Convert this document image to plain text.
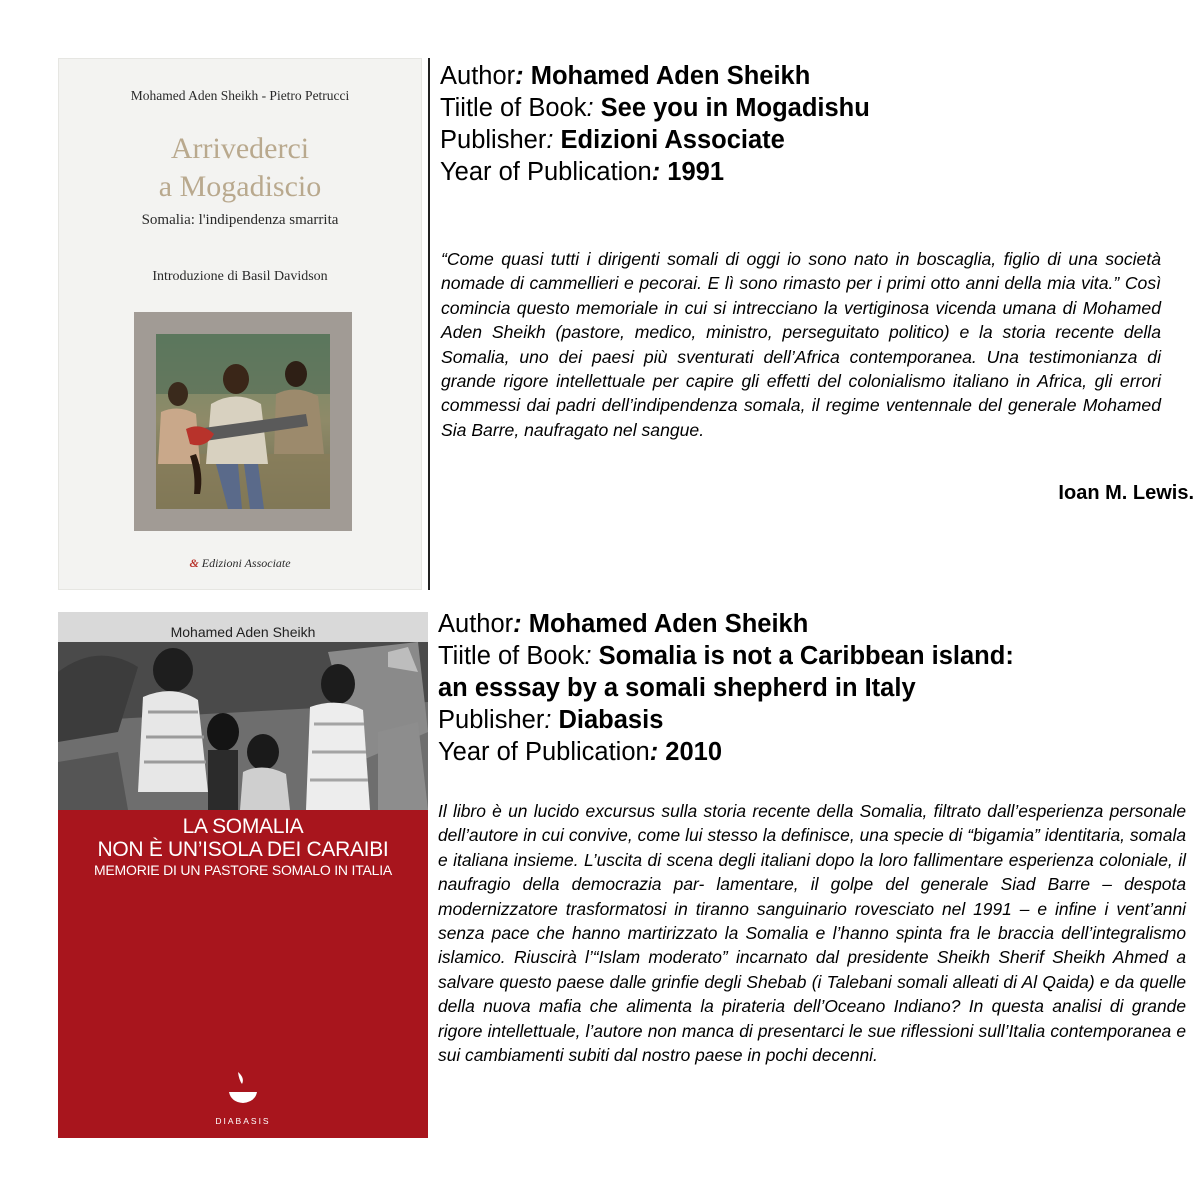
Mohamed Aden Sheikh - Pietro Petrucci
Arrivederci
a Mogadiscio
Somalia: l'indipendenza smarrita
Introduzione di Basil Davidson
& Edizioni Associate
Author: Mohamed Aden Sheikh
Tiitle of Book: See you in Mogadishu
Publisher: Edizioni Associate
Year of Publication: 1991
“Come quasi tutti i dirigenti somali di oggi io sono nato in boscaglia, figlio di una società nomade di cammellieri e pecorai. E lì sono rimasto per i primi otto anni della mia vita.” Così comincia questo memoriale in cui si intrecciano la vertiginosa vicenda umana di Mohamed Aden Sheikh (pastore, medico, ministro, perseguitato politico) e la storia recente della Somalia, uno dei paesi più sventurati dell’Africa contemporanea. Una testimonianza di grande rigore intellettuale per capire gli effetti del colonialismo italiano in Africa, gli errori commessi dai padri dell’indipendenza somala, il regime ventennale del generale Mohamed Sia Barre, naufragato nel sangue.
Ioan M. Lewis.
Mohamed Aden Sheikh
LA SOMALIA
NON È UN’ISOLA DEI CARAIBI
MEMORIE DI UN PASTORE SOMALO IN ITALIA
DIABASIS
Author: Mohamed Aden Sheikh
Tiitle of Book: Somalia is not a Caribbean island:
an esssay by a somali shepherd in Italy
Publisher: Diabasis
Year of Publication: 2010
Il libro è un lucido excursus sulla storia recente della Somalia, filtrato dall’esperienza personale dell’autore in cui convive, come lui stesso la definisce, una specie di “bigamia” identitaria, somala e italiana insieme. L’uscita di scena degli italiani dopo la loro fallimentare esperienza coloniale, il naufragio della democrazia par- lamentare, il golpe del generale Siad Barre – despota modernizzatore trasformatosi in tiranno sanguinario rovesciato nel 1991 – e infine i vent’anni senza pace che hanno martirizzato la Somalia e l’hanno spinta fra le braccia dell’integralismo islamico. Riuscirà l’“Islam moderato” incarnato dal presidente Sheikh Sherif Sheikh Ahmed a salvare questo paese dalle grinfie degli Shebab (i Talebani somali alleati di Al Qaida) e da quelle della nuova mafia che alimenta la pirateria dell’Oceano Indiano? In questa analisi di grande rigore intellettuale, l’autore non manca di presentarci le sue riflessioni sull’Italia contemporanea e sui cambiamenti subiti dal nostro paese in pochi decenni.
